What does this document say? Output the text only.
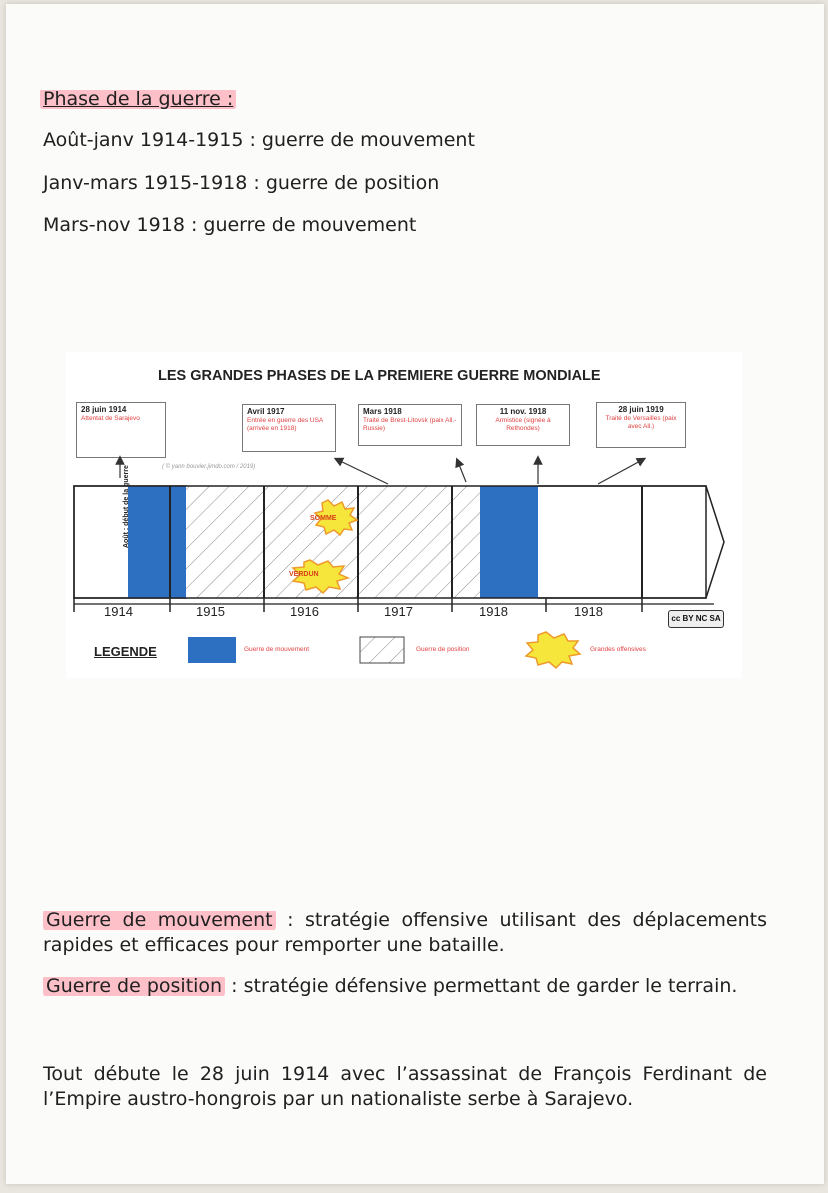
Phase de la guerre :
Août-janv 1914-1915 : guerre de mouvement
Janv-mars 1915-1918 : guerre de position
Mars-nov 1918 : guerre de mouvement
LES GRANDES PHASES DE LA PREMIERE GUERRE MONDIALE
28 juin 1914
Attentat de Sarajevo
Avril 1917
Entrée en guerre des USA (arrivée en 1918)
Mars 1918
Traité de Brest-Litovsk (paix All.-Russie)
11 nov. 1918
Armistice (signée à Rethondes)
28 juin 1919
Traité de Versailles (paix avec All.)
( © yann bouvier.jimdo.com / 2019)
Août : début de la guerre	SOMME
VERDUN
1914	1915	1916	1917	1918	1918	cc BY NC SA
LEGENDE	Guerre de mouvement	Guerre de position	Grandes offensives
Guerre de mouvement : stratégie offensive utilisant des déplacements
rapides et efficaces pour remporter une bataille.
Guerre de position : stratégie défensive permettant de garder le terrain.
Tout débute le 28 juin 1914 avec l’assassinat de François Ferdinant de
l’Empire austro-hongrois par un nationaliste serbe à Sarajevo.
